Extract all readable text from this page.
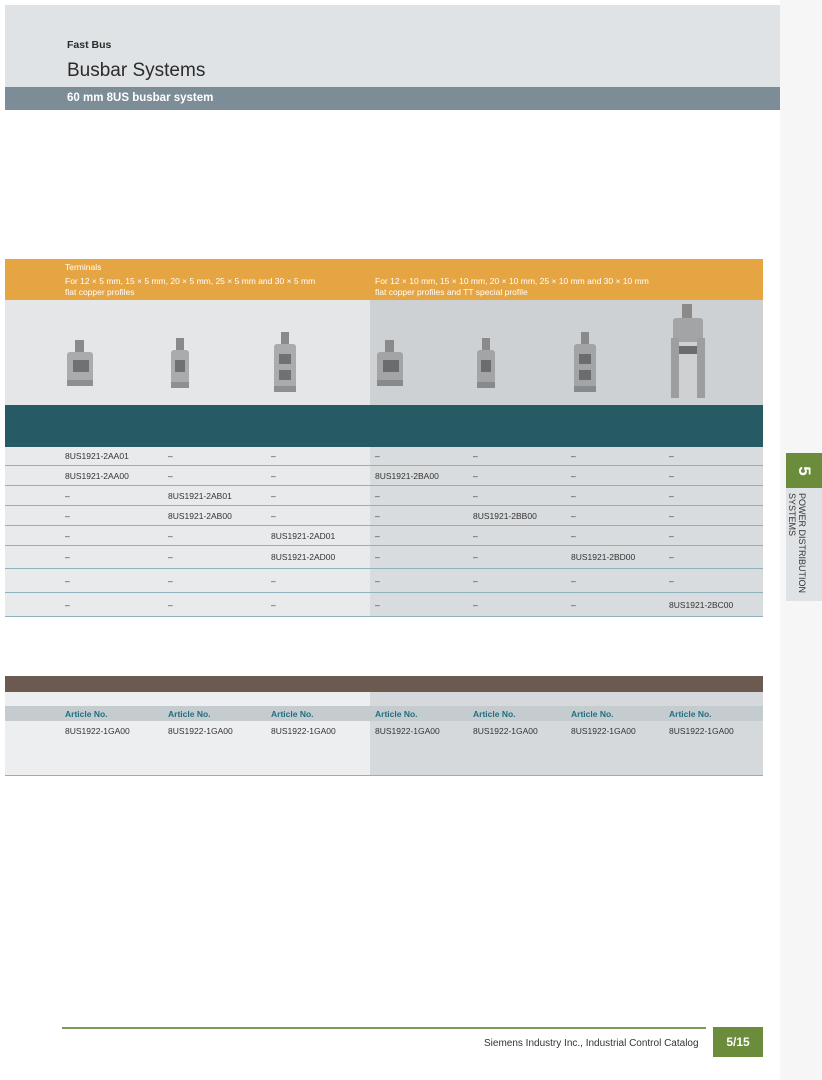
Fast Bus
Busbar Systems
60 mm 8US busbar system
Terminals
For 12 × 5 mm, 15 × 5 mm, 20 × 5 mm, 25 × 5 mm and 30 × 5 mm
flat copper profiles
For 12 × 10 mm, 15 × 10 mm, 20 × 10 mm, 25 × 10 mm and 30 × 10 mm
flat copper profiles and TT special profile
8US1921-2AA01	–	–	–	–	–	–
8US1921-2AA00	–	–	8US1921-2BA00	–	–	–
–	8US1921-2AB01	–	–	–	–	–
–	8US1921-2AB00	–	–	8US1921-2BB00	–	–
–	–	8US1921-2AD01	–	–	–	–
–	–	8US1921-2AD00	–	–	8US1921-2BD00	–
–	–	–	–	–	–	–
–	–	–	–	–	–	8US1921-2BC00
Article No.	Article No.	Article No.	Article No.	Article No.	Article No.	Article No.
8US1922-1GA00	8US1922-1GA00	8US1922-1GA00	8US1922-1GA00	8US1922-1GA00	8US1922-1GA00	8US1922-1GA00
5
POWER DISTRIBUTION
SYSTEMS
Siemens Industry Inc., Industrial Control Catalog 5/15
